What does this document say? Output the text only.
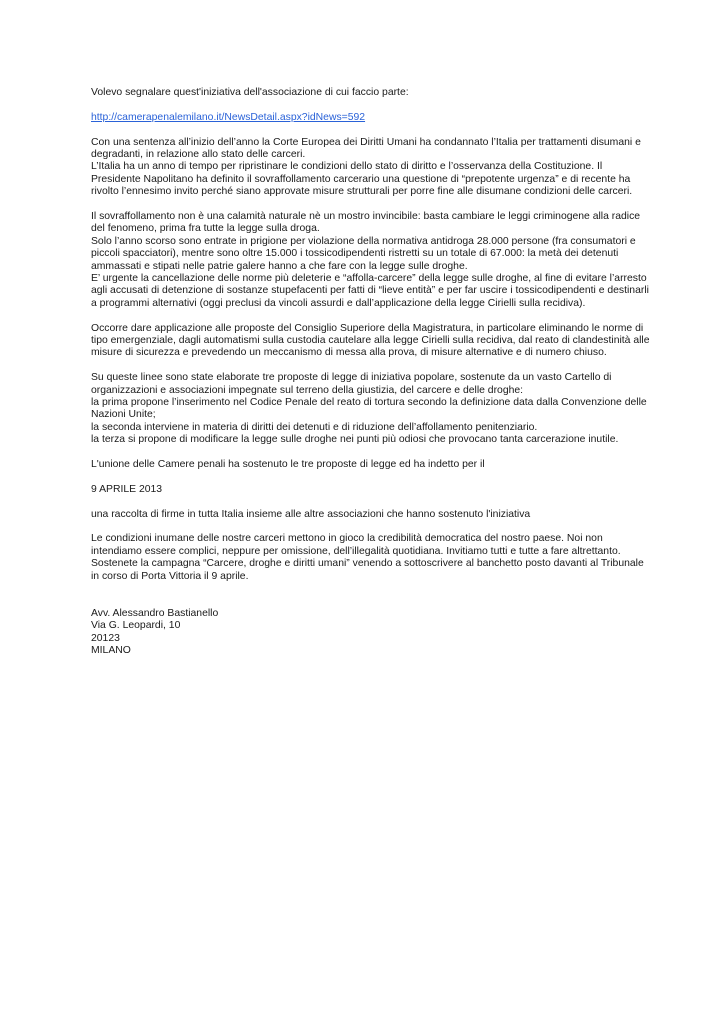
Volevo segnalare quest'iniziativa dell'associazione di cui faccio parte:

http://camerapenalemilano.it/NewsDetail.aspx?idNews=592

Con una sentenza all’inizio dell’anno la Corte Europea dei Diritti Umani ha condannato l’Italia per trattamenti disumani e degradanti, in relazione allo stato delle carceri.
L’Italia ha un anno di tempo per ripristinare le condizioni dello stato di diritto e l’osservanza della Costituzione. Il Presidente Napolitano ha definito il sovraffollamento carcerario una questione di “prepotente urgenza” e di recente ha rivolto l’ennesimo invito perché siano approvate misure strutturali per porre fine alle disumane condizioni delle carceri.

Il sovraffollamento non è una calamità naturale nè un mostro invincibile: basta cambiare le leggi criminogene alla radice del fenomeno, prima fra tutte la legge sulla droga.
Solo l’anno scorso sono entrate in prigione per violazione della normativa antidroga 28.000 persone (fra consumatori e piccoli spacciatori), mentre sono oltre 15.000 i tossicodipendenti ristretti su un totale di 67.000: la metà dei detenuti ammassati e stipati nelle patrie galere hanno a che fare con la legge sulle droghe.
E’ urgente la cancellazione delle norme più deleterie e “affolla-carcere” della legge sulle droghe, al fine di evitare l’arresto agli accusati di detenzione di sostanze stupefacenti per fatti di “lieve entità” e per far uscire i tossicodipendenti e destinarli a programmi alternativi (oggi preclusi da vincoli assurdi e dall’applicazione della legge Cirielli sulla recidiva).

Occorre dare applicazione alle proposte del Consiglio Superiore della Magistratura, in particolare eliminando le norme di tipo emergenziale, dagli automatismi sulla custodia cautelare alla legge Cirielli sulla recidiva, dal reato di clandestinità alle misure di sicurezza e prevedendo un meccanismo di messa alla prova, di misure alternative e di numero chiuso.

Su queste linee sono state elaborate tre proposte di legge di iniziativa popolare, sostenute da un vasto Cartello di organizzazioni e associazioni impegnate sul terreno della giustizia, del carcere e delle droghe:
la prima propone l’inserimento nel Codice Penale del reato di tortura secondo la definizione data dalla Convenzione delle Nazioni Unite;
la seconda interviene in materia di diritti dei detenuti e di riduzione dell’affollamento penitenziario.
la terza si propone di modificare la legge sulle droghe nei punti più odiosi che provocano tanta carcerazione inutile.

L'unione delle Camere penali ha sostenuto le tre proposte di legge ed ha indetto per il

9 APRILE 2013

una raccolta di firme in tutta Italia insieme alle altre associazioni che hanno sostenuto l'iniziativa

Le condizioni inumane delle nostre carceri mettono in gioco la credibilità democratica del nostro paese. Noi non intendiamo essere complici, neppure per omissione, dell’illegalità quotidiana. Invitiamo tutti e tutte a fare altrettanto.
Sostenete la campagna “Carcere, droghe e diritti umani” venendo a sottoscrivere al banchetto posto davanti al Tribunale in corso di Porta Vittoria il 9 aprile.

Avv. Alessandro Bastianello
Via G. Leopardi, 10
20123
MILANO
